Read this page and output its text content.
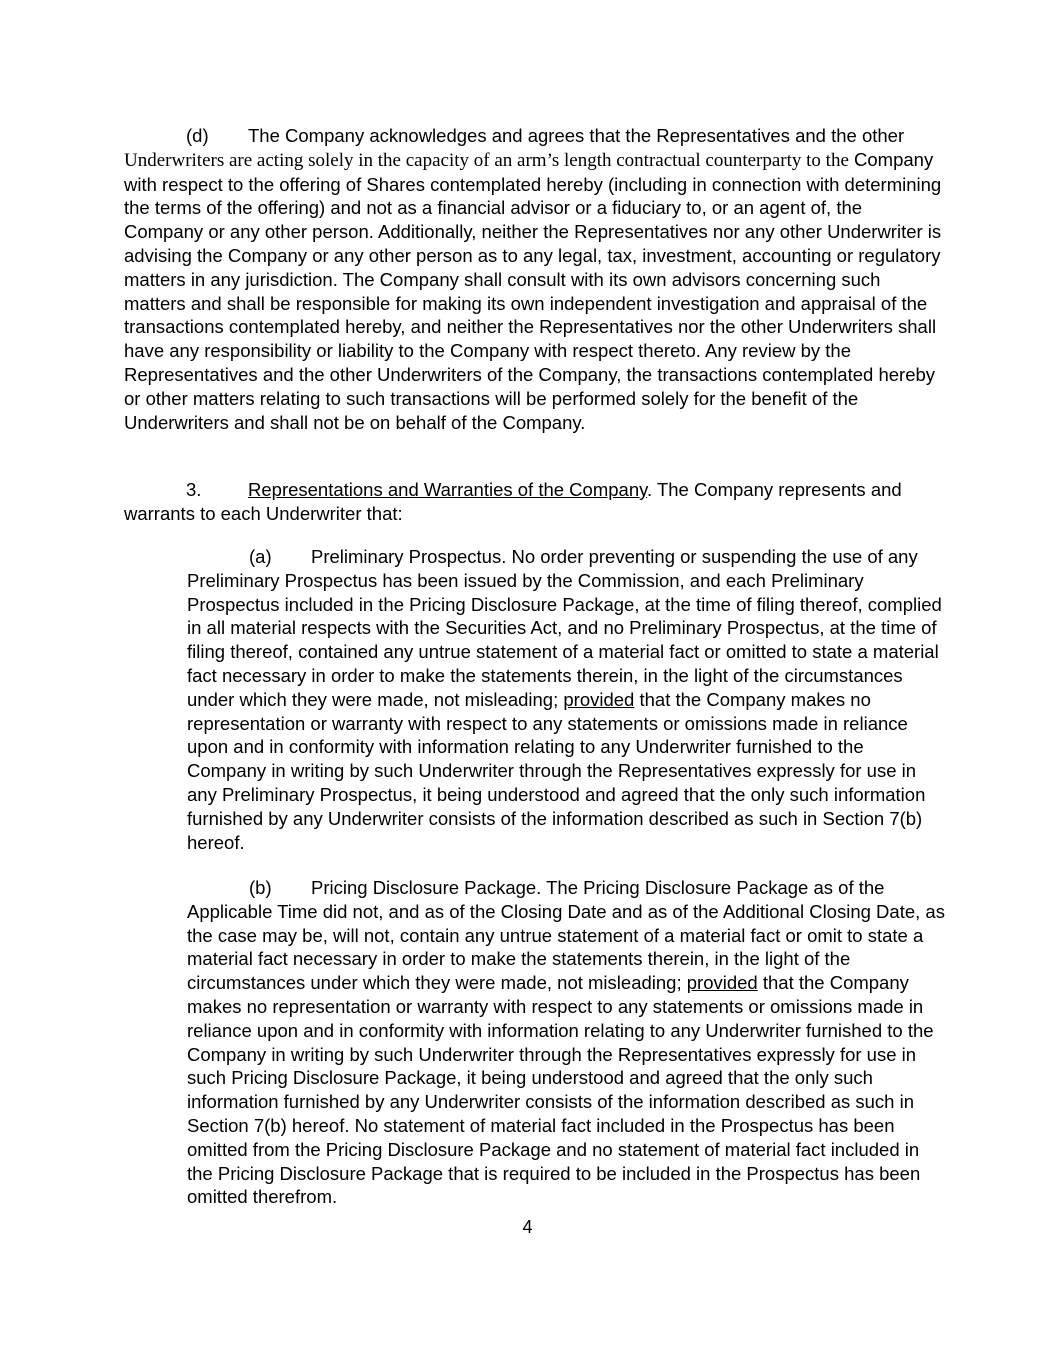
(d) The Company acknowledges and agrees that the Representatives and the other Underwriters are acting solely in the capacity of an arm’s length contractual counterparty to the Company with respect to the offering of Shares contemplated hereby (including in connection with determining the terms of the offering) and not as a financial advisor or a fiduciary to, or an agent of, the Company or any other person. Additionally, neither the Representatives nor any other Underwriter is advising the Company or any other person as to any legal, tax, investment, accounting or regulatory matters in any jurisdiction. The Company shall consult with its own advisors concerning such matters and shall be responsible for making its own independent investigation and appraisal of the transactions contemplated hereby, and neither the Representatives nor the other Underwriters shall have any responsibility or liability to the Company with respect thereto. Any review by the Representatives and the other Underwriters of the Company, the transactions contemplated hereby or other matters relating to such transactions will be performed solely for the benefit of the Underwriters and shall not be on behalf of the Company.

3.	Representations and Warranties of the Company. The Company represents and warrants to each Underwriter that:

(a) Preliminary Prospectus. No order preventing or suspending the use of any Preliminary Prospectus has been issued by the Commission, and each Preliminary Prospectus included in the Pricing Disclosure Package, at the time of filing thereof, complied in all material respects with the Securities Act, and no Preliminary Prospectus, at the time of filing thereof, contained any untrue statement of a material fact or omitted to state a material fact necessary in order to make the statements therein, in the light of the circumstances under which they were made, not misleading; provided that the Company makes no representation or warranty with respect to any statements or omissions made in reliance upon and in conformity with information relating to any Underwriter furnished to the Company in writing by such Underwriter through the Representatives expressly for use in any Preliminary Prospectus, it being understood and agreed that the only such information furnished by any Underwriter consists of the information described as such in Section 7(b) hereof.

(b) Pricing Disclosure Package. The Pricing Disclosure Package as of the Applicable Time did not, and as of the Closing Date and as of the Additional Closing Date, as the case may be, will not, contain any untrue statement of a material fact or omit to state a material fact necessary in order to make the statements therein, in the light of the circumstances under which they were made, not misleading; provided that the Company makes no representation or warranty with respect to any statements or omissions made in reliance upon and in conformity with information relating to any Underwriter furnished to the Company in writing by such Underwriter through the Representatives expressly for use in such Pricing Disclosure Package, it being understood and agreed that the only such information furnished by any Underwriter consists of the information described as such in Section 7(b) hereof. No statement of material fact included in the Prospectus has been omitted from the Pricing Disclosure Package and no statement of material fact included in the Pricing Disclosure Package that is required to be included in the Prospectus has been omitted therefrom.

4
